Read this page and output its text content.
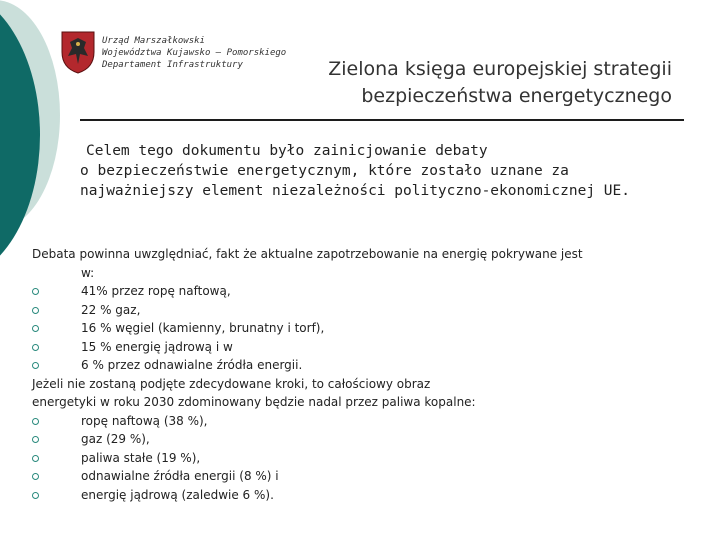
Urząd Marszałkowski
Województwa Kujawsko – Pomorskiego
Departament Infrastruktury	Zielona księga europejskiej strategii
bezpieczeństwa energetycznego
Celem tego dokumentu było zainicjowanie debaty
o bezpieczeństwie energetycznym, które zostało uznane za
najważniejszy element niezależności polityczno-ekonomicznej UE.
Debata powinna uwzględniać, fakt że aktualne zapotrzebowanie na energię pokrywane jest
w:
41% przez ropę naftową,
22 % gaz,
16 % węgiel (kamienny, brunatny i torf),
15 % energię jądrową i w
6 % przez odnawialne źródła energii.
Jeżeli nie zostaną podjęte zdecydowane kroki, to całościowy obraz
energetyki w roku 2030 zdominowany będzie nadal przez paliwa kopalne:
ropę naftową (38 %),
gaz (29 %),
paliwa stałe (19 %),
odnawialne źródła energii (8 %) i
energię jądrową (zaledwie 6 %).
